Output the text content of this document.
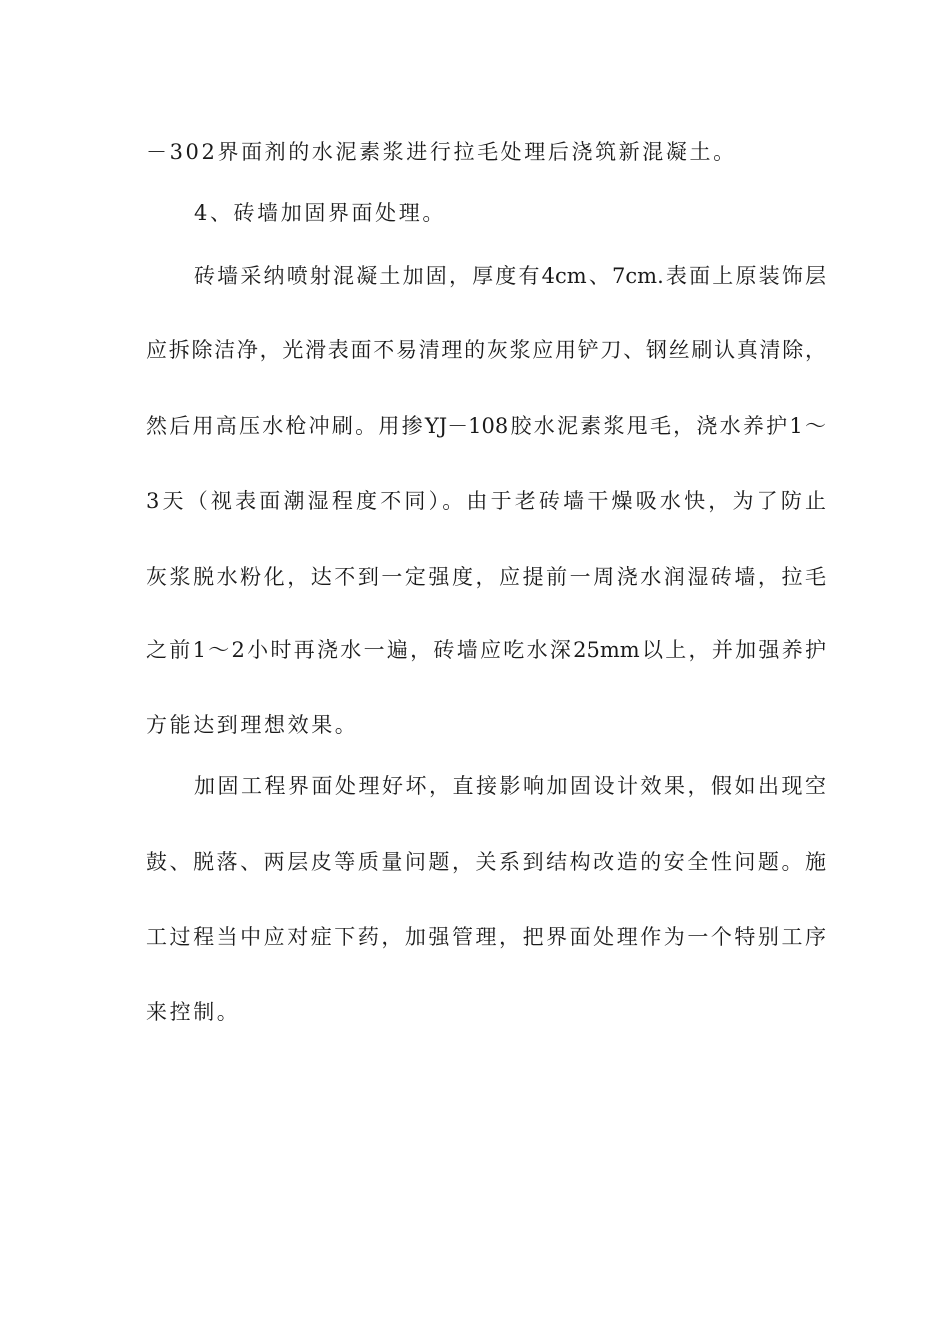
－302界面剂的水泥素浆进行拉毛处理后浇筑新混凝土。
4、砖墙加固界面处理。
砖墙采纳喷射混凝土加固，厚度有4cm、7cm.表面上原装饰层
应拆除洁净，光滑表面不易清理的灰浆应用铲刀、钢丝刷认真清除，
然后用高压水枪冲刷。用掺YJ－108胶水泥素浆甩毛，浇水养护1～
3天（视表面潮湿程度不同）。由于老砖墙干燥吸水快，为了防止
灰浆脱水粉化，达不到一定强度，应提前一周浇水润湿砖墙，拉毛
之前1～2小时再浇水一遍，砖墙应吃水深25mm以上，并加强养护
方能达到理想效果。
加固工程界面处理好坏，直接影响加固设计效果，假如出现空
鼓、脱落、两层皮等质量问题，关系到结构改造的安全性问题。施
工过程当中应对症下药，加强管理，把界面处理作为一个特别工序
来控制。
